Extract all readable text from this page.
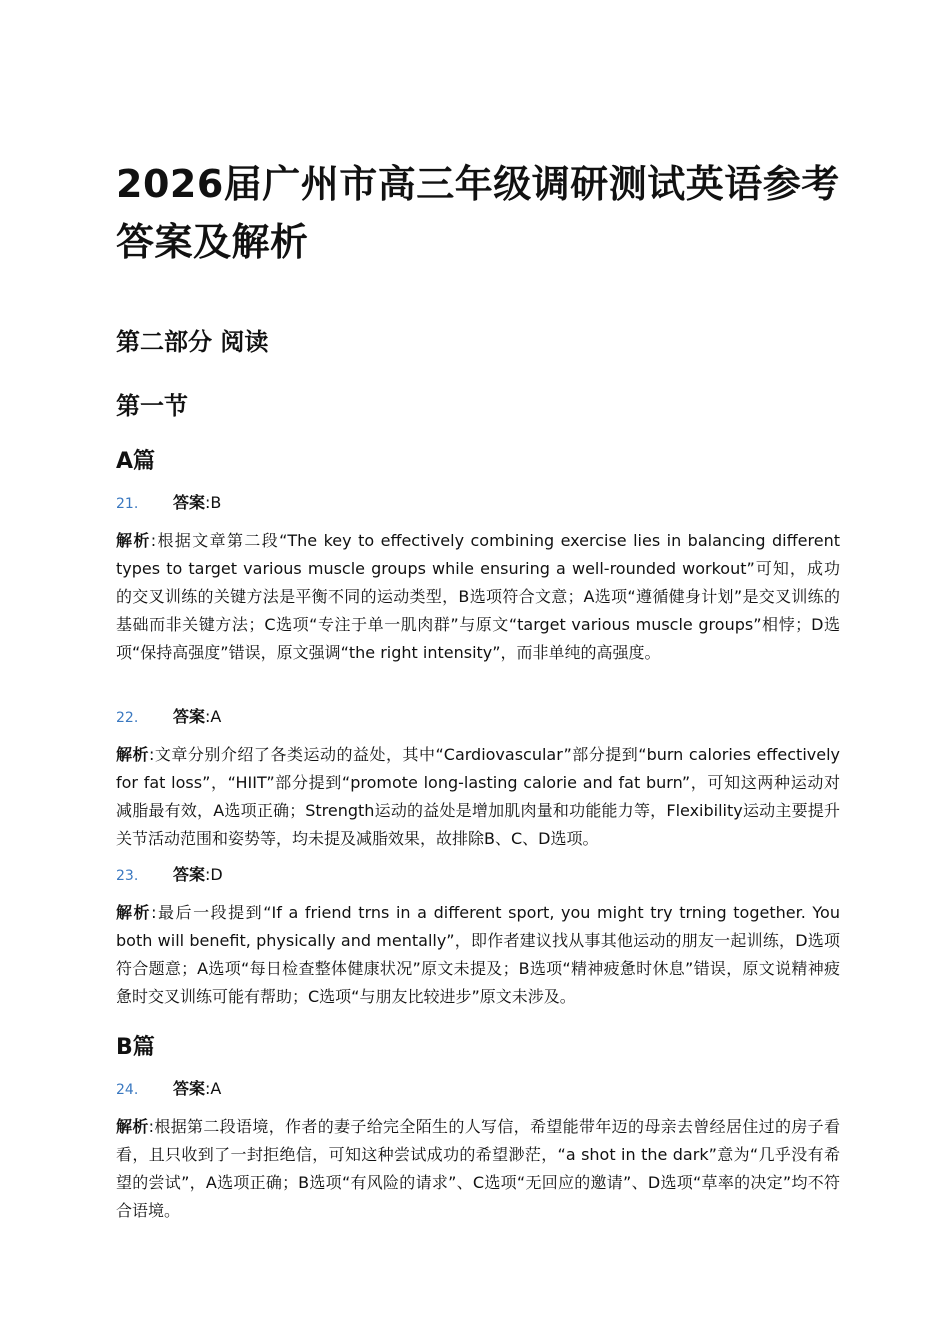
2026届广州市高三年级调研测试英语参考答案及解析
第二部分 阅读
第一节
A篇
21. 答案:B

解析:根据文章第二段“The key to effectively combining exercise lies in balancing different types to target various muscle groups while ensuring a well-rounded workout”可知，成功的交叉训练的关键方法是平衡不同的运动类型，B选项符合文意；A选项“遵循健身计划”是交叉训练的基础而非关键方法；C选项“专注于单一肌肉群”与原文“target various muscle groups”相悖；D选项“保持高强度”错误，原文强调“the right intensity”，而非单纯的高强度。

22. 答案:A

解析:文章分别介绍了各类运动的益处，其中“Cardiovascular”部分提到“burn calories effectively for fat loss”，“HIIT”部分提到“promote long-lasting calorie and fat burn”，可知这两种运动对减脂最有效，A选项正确；Strength运动的益处是增加肌肉量和功能能力等，Flexibility运动主要提升关节活动范围和姿势等，均未提及减脂效果，故排除B、C、D选项。

23. 答案:D

解析:最后一段提到“If a friend trns in a different sport, you might try trning together. You both will benefit, physically and mentally”，即作者建议找从事其他运动的朋友一起训练，D选项符合题意；A选项“每日检查整体健康状况”原文未提及；B选项“精神疲惫时休息”错误，原文说精神疲惫时交叉训练可能有帮助；C选项“与朋友比较进步”原文未涉及。

B篇
24. 答案:A

解析:根据第二段语境，作者的妻子给完全陌生的人写信，希望能带年迈的母亲去曾经居住过的房子看看，且只收到了一封拒绝信，可知这种尝试成功的希望渺茫，“a shot in the dark”意为“几乎没有希望的尝试”，A选项正确；B选项“有风险的请求”、C选项“无回应的邀请”、D选项“草率的决定”均不符合语境。
